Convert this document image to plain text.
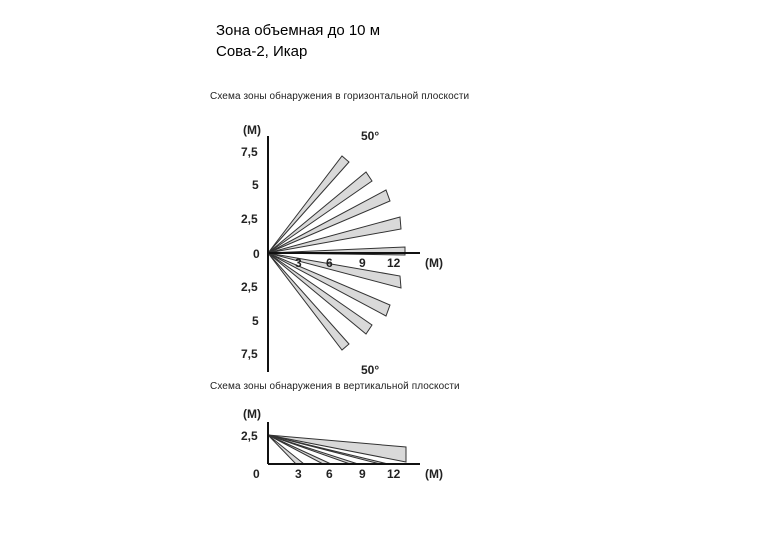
Зона объемная до 10 м
Сова-2, Икар
Схема зоны обнаружения в горизонтальной плоскости
Схема зоны обнаружения в вертикальной плоскости
(M)
7,5
5
2,5
0
2,5
5
7,5
3 6 9 12 (M)
50°
50°
(M)
2,5
0	3 6 9 12 (M)
